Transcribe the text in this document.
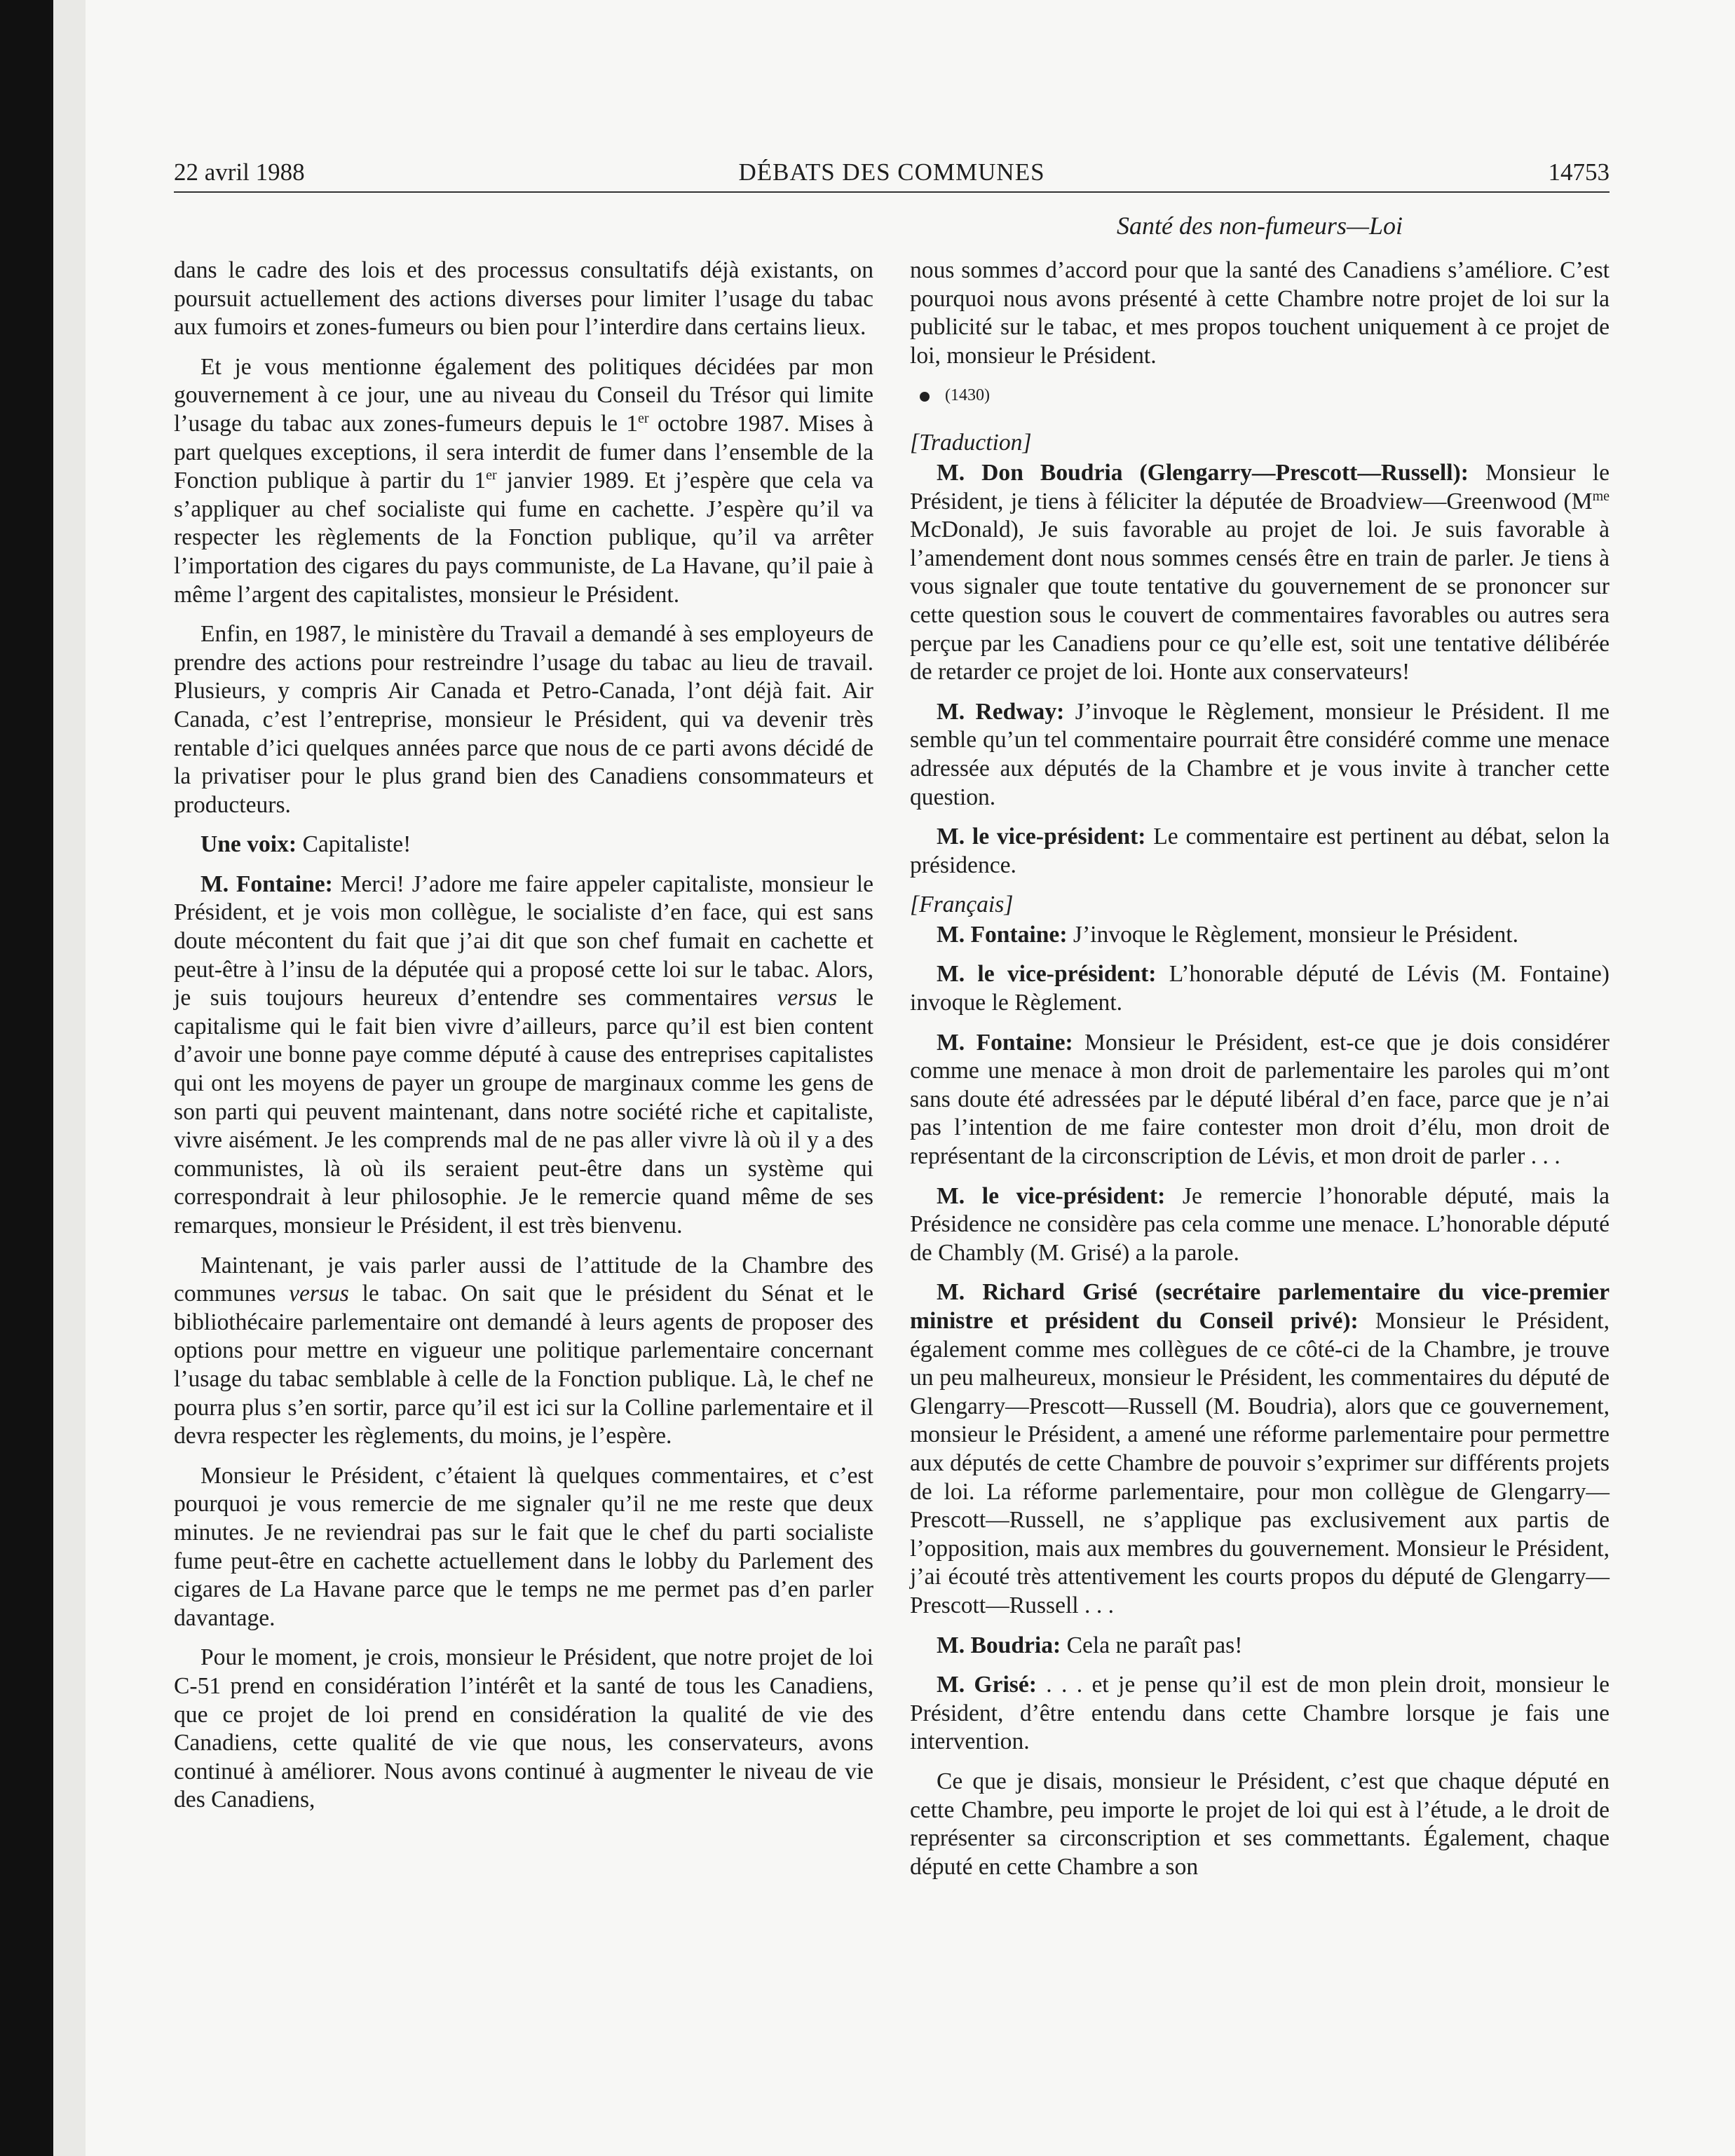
22 avril 1988	DÉBATS DES COMMUNES	14753
Santé des non-fumeurs—Loi

dans le cadre des lois et des processus consultatifs déjà existants, on poursuit actuellement des actions diverses pour limiter l’usage du tabac aux fumoirs et zones-fumeurs ou bien pour l’interdire dans certains lieux.

Et je vous mentionne également des politiques décidées par mon gouvernement à ce jour, une au niveau du Conseil du Trésor qui limite l’usage du tabac aux zones-fumeurs depuis le 1er octobre 1987. Mises à part quelques exceptions, il sera interdit de fumer dans l’ensemble de la Fonction publique à partir du 1er janvier 1989. Et j’espère que cela va s’appliquer au chef socialiste qui fume en cachette. J’espère qu’il va respecter les règlements de la Fonction publique, qu’il va arrêter l’importation des cigares du pays communiste, de La Havane, qu’il paie à même l’argent des capitalistes, monsieur le Président.

Enfin, en 1987, le ministère du Travail a demandé à ses employeurs de prendre des actions pour restreindre l’usage du tabac au lieu de travail. Plusieurs, y compris Air Canada et Petro-Canada, l’ont déjà fait. Air Canada, c’est l’entreprise, monsieur le Président, qui va devenir très rentable d’ici quelques années parce que nous de ce parti avons décidé de la privatiser pour le plus grand bien des Canadiens consommateurs et producteurs.

Une voix: Capitaliste!

M. Fontaine: Merci! J’adore me faire appeler capitaliste, monsieur le Président, et je vois mon collègue, le socialiste d’en face, qui est sans doute mécontent du fait que j’ai dit que son chef fumait en cachette et peut-être à l’insu de la députée qui a proposé cette loi sur le tabac. Alors, je suis toujours heureux d’entendre ses commentaires versus le capitalisme qui le fait bien vivre d’ailleurs, parce qu’il est bien content d’avoir une bonne paye comme député à cause des entreprises capitalistes qui ont les moyens de payer un groupe de marginaux comme les gens de son parti qui peuvent maintenant, dans notre société riche et capitaliste, vivre aisément. Je les comprends mal de ne pas aller vivre là où il y a des communistes, là où ils seraient peut-être dans un système qui correspondrait à leur philosophie. Je le remercie quand même de ses remarques, monsieur le Président, il est très bienvenu.

Maintenant, je vais parler aussi de l’attitude de la Chambre des communes versus le tabac. On sait que le président du Sénat et le bibliothécaire parlementaire ont demandé à leurs agents de proposer des options pour mettre en vigueur une politique parlementaire concernant l’usage du tabac semblable à celle de la Fonction publique. Là, le chef ne pourra plus s’en sortir, parce qu’il est ici sur la Colline parlementaire et il devra respecter les règlements, du moins, je l’espère.

Monsieur le Président, c’étaient là quelques commentaires, et c’est pourquoi je vous remercie de me signaler qu’il ne me reste que deux minutes. Je ne reviendrai pas sur le fait que le chef du parti socialiste fume peut-être en cachette actuellement dans le lobby du Parlement des cigares de La Havane parce que le temps ne me permet pas d’en parler davantage.

Pour le moment, je crois, monsieur le Président, que notre projet de loi C-51 prend en considération l’intérêt et la santé de tous les Canadiens, que ce projet de loi prend en considération la qualité de vie des Canadiens, cette qualité de vie que nous, les conservateurs, avons continué à améliorer. Nous avons continué à augmenter le niveau de vie des Canadiens,

nous sommes d’accord pour que la santé des Canadiens s’améliore. C’est pourquoi nous avons présenté à cette Chambre notre projet de loi sur la publicité sur le tabac, et mes propos touchent uniquement à ce projet de loi, monsieur le Président.

(1430)

[Traduction]

M. Don Boudria (Glengarry—Prescott—Russell): Monsieur le Président, je tiens à féliciter la députée de Broadview—Greenwood ($M^{me}$ McDonald), Je suis favorable au projet de loi. Je suis favorable à l’amendement dont nous sommes censés être en train de parler. Je tiens à vous signaler que toute tentative du gouvernement de se prononcer sur cette question sous le couvert de commentaires favorables ou autres sera perçue par les Canadiens pour ce qu’elle est, soit une tentative délibérée de retarder ce projet de loi. Honte aux conservateurs!

M. Redway: J’invoque le Règlement, monsieur le Président. Il me semble qu’un tel commentaire pourrait être considéré comme une menace adressée aux députés de la Chambre et je vous invite à trancher cette question.

M. le vice-président: Le commentaire est pertinent au débat, selon la présidence.

[Français]

M. Fontaine: J’invoque le Règlement, monsieur le Président.

M. le vice-président: L’honorable député de Lévis (M. Fontaine) invoque le Règlement.

M. Fontaine: Monsieur le Président, est-ce que je dois considérer comme une menace à mon droit de parlementaire les paroles qui m’ont sans doute été adressées par le député libéral d’en face, parce que je n’ai pas l’intention de me faire contester mon droit d’élu, mon droit de représentant de la circonscription de Lévis, et mon droit de parler . . .

M. le vice-président: Je remercie l’honorable député, mais la Présidence ne considère pas cela comme une menace. L’honorable député de Chambly (M. Grisé) a la parole.

M. Richard Grisé (secrétaire parlementaire du vice-premier ministre et président du Conseil privé): Monsieur le Président, également comme mes collègues de ce côté-ci de la Chambre, je trouve un peu malheureux, monsieur le Président, les commentaires du député de Glengarry—Prescott—Russell (M. Boudria), alors que ce gouvernement, monsieur le Président, a amené une réforme parlementaire pour permettre aux députés de cette Chambre de pouvoir s’exprimer sur différents projets de loi. La réforme parlementaire, pour mon collègue de Glengarry—Prescott—Russell, ne s’applique pas exclusivement aux partis de l’opposition, mais aux membres du gouvernement. Monsieur le Président, j’ai écouté très attentivement les courts propos du député de Glengarry—Prescott—Russell . . .

M. Boudria: Cela ne paraît pas!

M. Grisé: . . . et je pense qu’il est de mon plein droit, monsieur le Président, d’être entendu dans cette Chambre lorsque je fais une intervention.

Ce que je disais, monsieur le Président, c’est que chaque député en cette Chambre, peu importe le projet de loi qui est à l’étude, a le droit de représenter sa circonscription et ses commettants. Également, chaque député en cette Chambre a son
